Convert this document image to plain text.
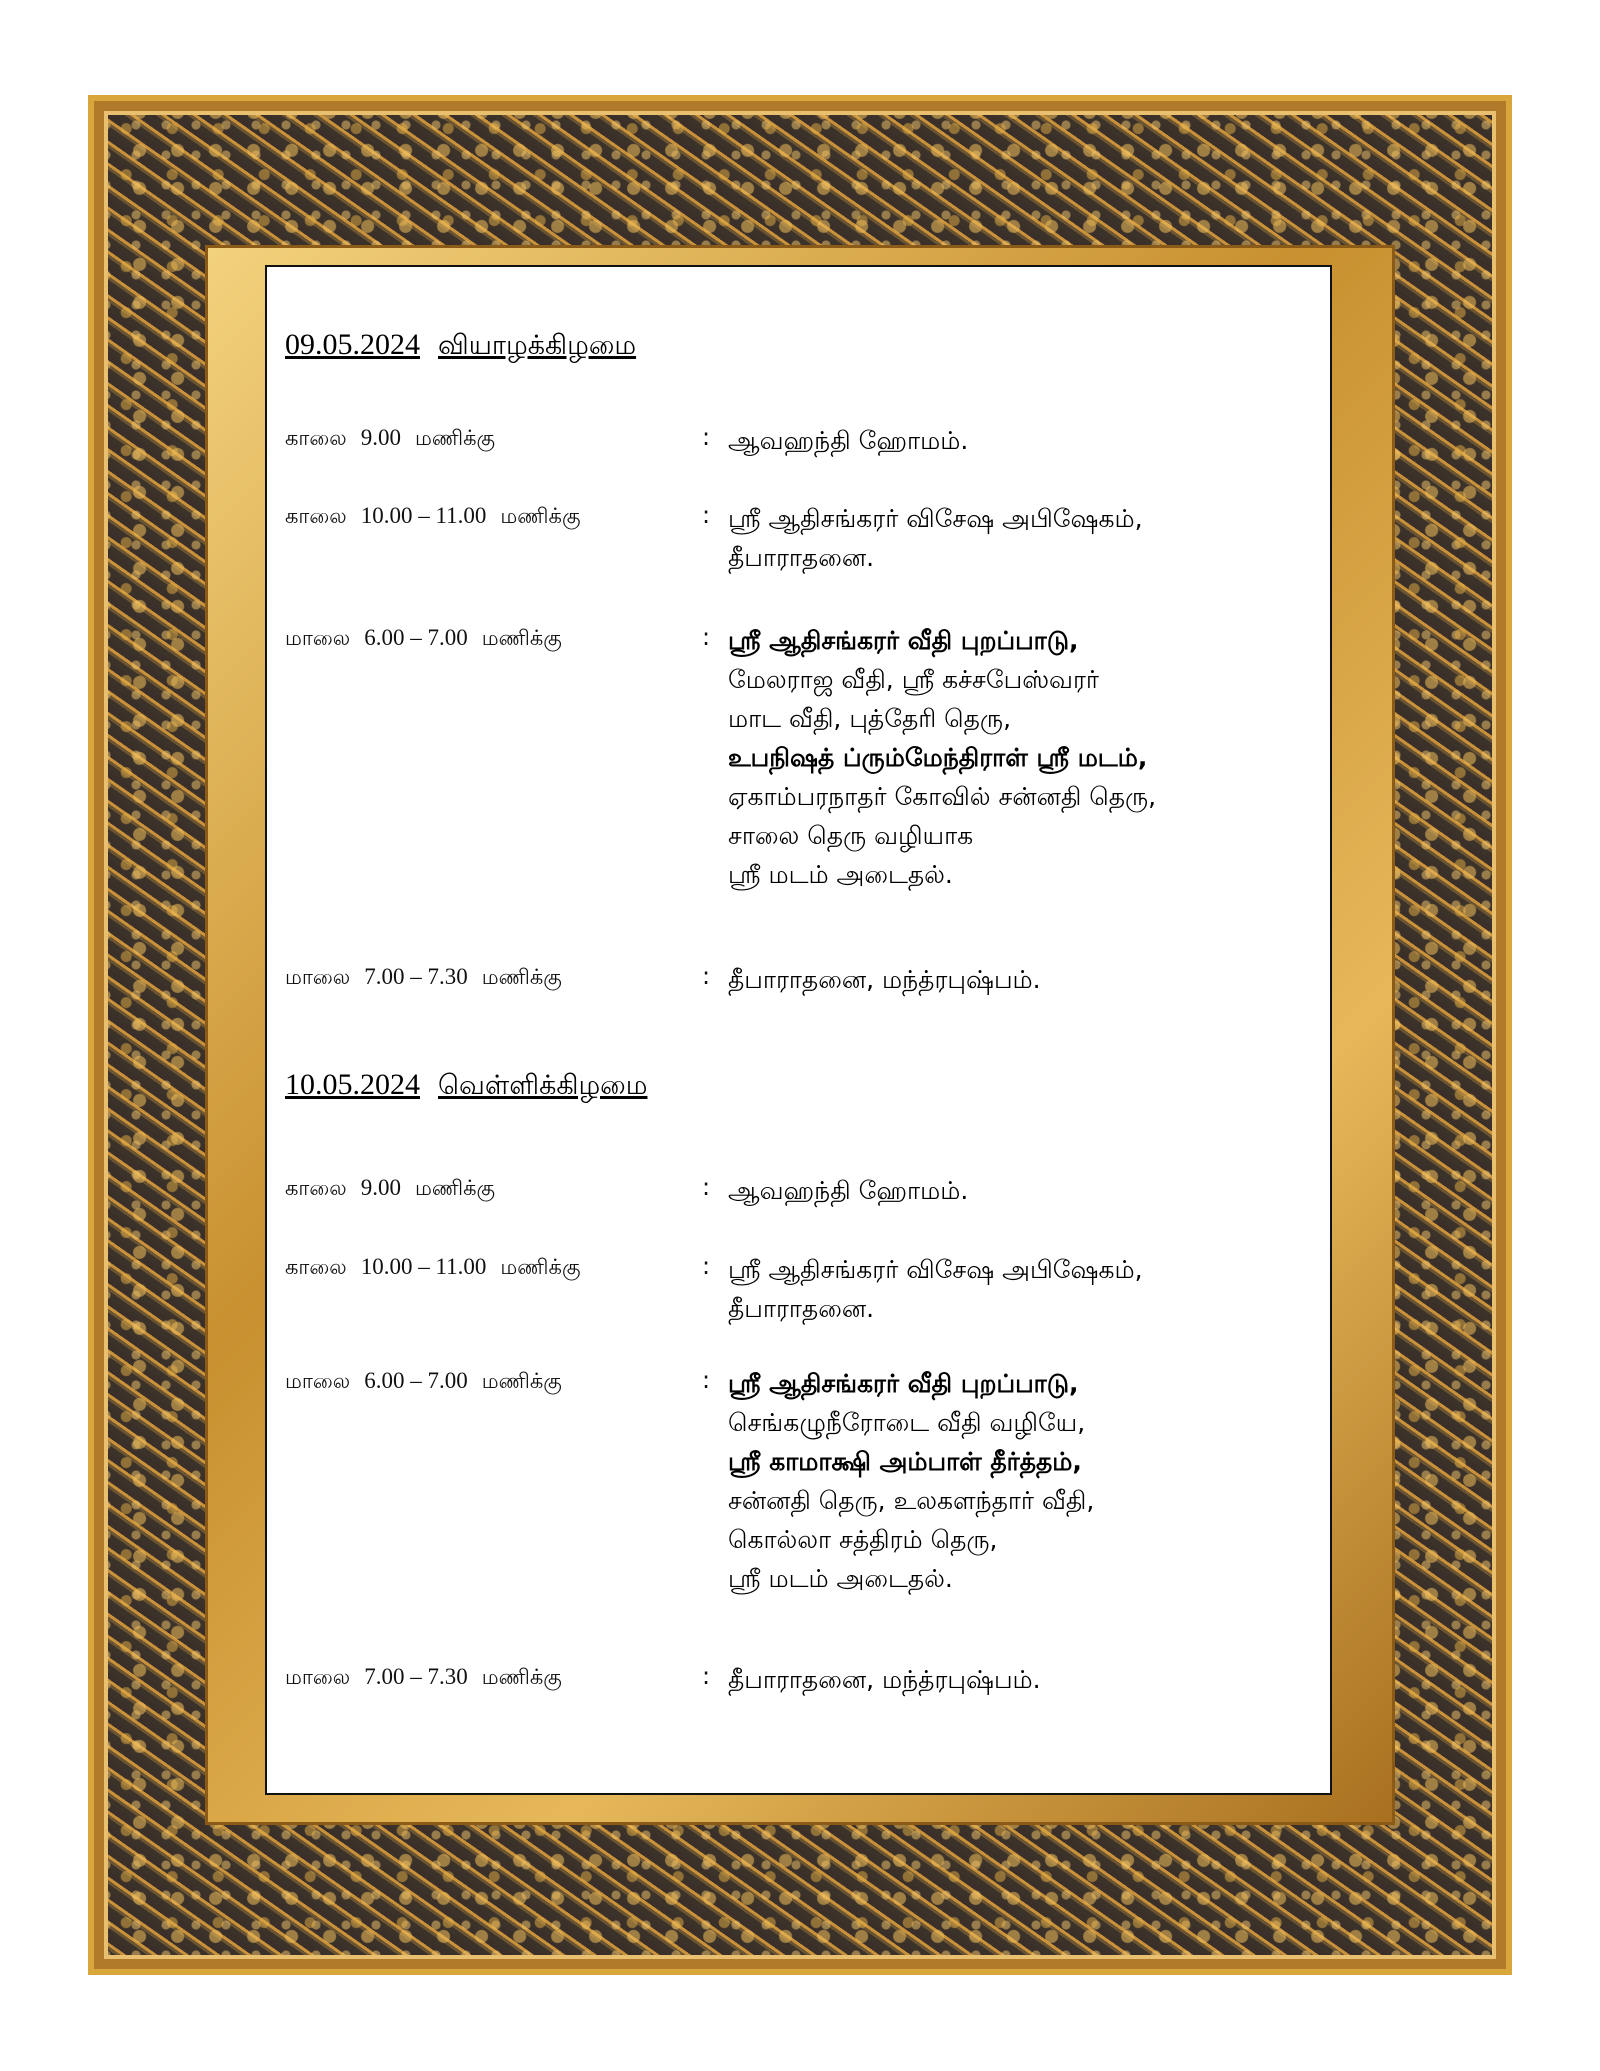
09.05.2024 வியாழக்கிழமை
காலை 9.00 மணிக்கு	: ஆவஹந்தி ஹோமம்.
காலை 10.00 – 11.00 மணிக்கு	: ஸ்ரீ ஆதிசங்கரர் விசேஷ அபிஷேகம்,
தீபாராதனை.
மாலை 6.00 – 7.00 மணிக்கு	: ஸ்ரீ ஆதிசங்கரர் வீதி புறப்பாடு,
மேலராஜ வீதி, ஸ்ரீ கச்சபேஸ்வரர்
மாட வீதி, புத்தேரி தெரு,
உபநிஷத் ப்ரும்மேந்திராள் ஸ்ரீ மடம்,
ஏகாம்பரநாதர் கோவில் சன்னதி தெரு,
சாலை தெரு வழியாக
ஸ்ரீ மடம் அடைதல்.
மாலை 7.00 – 7.30 மணிக்கு	: தீபாராதனை, மந்த்ரபுஷ்பம்.
10.05.2024 வெள்ளிக்கிழமை
காலை 9.00 மணிக்கு	: ஆவஹந்தி ஹோமம்.
காலை 10.00 – 11.00 மணிக்கு	: ஸ்ரீ ஆதிசங்கரர் விசேஷ அபிஷேகம்,
தீபாராதனை.
மாலை 6.00 – 7.00 மணிக்கு	: ஸ்ரீ ஆதிசங்கரர் வீதி புறப்பாடு,
செங்கழுநீரோடை வீதி வழியே,
ஸ்ரீ காமாக்ஷி அம்பாள் தீர்த்தம்,
சன்னதி தெரு, உலகளந்தார் வீதி,
கொல்லா சத்திரம் தெரு,
ஸ்ரீ மடம் அடைதல்.
மாலை 7.00 – 7.30 மணிக்கு	: தீபாராதனை, மந்த்ரபுஷ்பம்.
